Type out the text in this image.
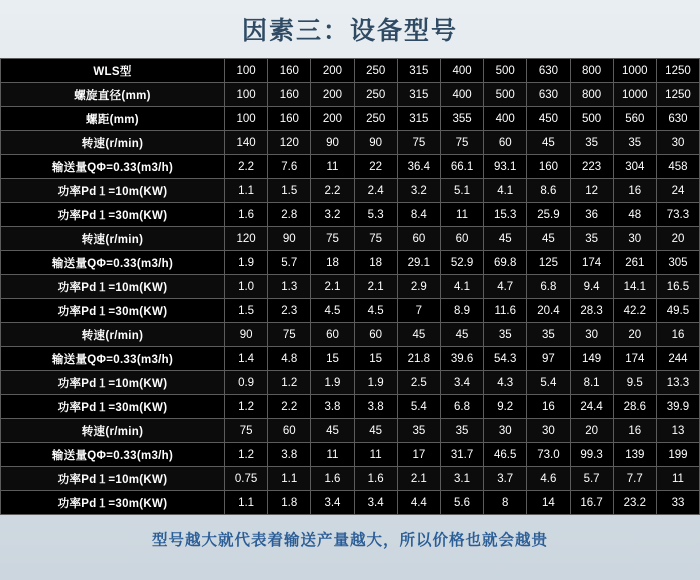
因素三：设备型号
WLS型	100	160	200	250	315	400	500	630	800	1000	1250
螺旋直径(mm)	100	160	200	250	315	400	500	630	800	1000	1250
螺距(mm)	100	160	200	250	315	355	400	450	500	560	630
转速(r/min)	140	120	90	90	75	75	60	45	35	35	30
输送量QΦ=0.33(m3/h)	2.2	7.6	11	22	36.4	66.1	93.1	160	223	304	458
功率Pd１=10m(KW)	1.1	1.5	2.2	2.4	3.2	5.1	4.1	8.6	12	16	24
功率Pd１=30m(KW)	1.6	2.8	3.2	5.3	8.4	11	15.3	25.9	36	48	73.3
转速(r/min)	120	90	75	75	60	60	45	45	35	30	20
输送量QΦ=0.33(m3/h)	1.9	5.7	18	18	29.1	52.9	69.8	125	174	261	305
功率Pd１=10m(KW)	1.0	1.3	2.1	2.1	2.9	4.1	4.7	6.8	9.4	14.1	16.5
功率Pd１=30m(KW)	1.5	2.3	4.5	4.5	7	8.9	11.6	20.4	28.3	42.2	49.5
转速(r/min)	90	75	60	60	45	45	35	35	30	20	16
输送量QΦ=0.33(m3/h)	1.4	4.8	15	15	21.8	39.6	54.3	97	149	174	244
功率Pd１=10m(KW)	0.9	1.2	1.9	1.9	2.5	3.4	4.3	5.4	8.1	9.5	13.3
功率Pd１=30m(KW)	1.2	2.2	3.8	3.8	5.4	6.8	9.2	16	24.4	28.6	39.9
转速(r/min)	75	60	45	45	35	35	30	30	20	16	13
输送量QΦ=0.33(m3/h)	1.2	3.8	11	11	17	31.7	46.5	73.0	99.3	139	199
功率Pd１=10m(KW)	0.75	1.1	1.6	1.6	2.1	3.1	3.7	4.6	5.7	7.7	11
功率Pd１=30m(KW)	1.1	1.8	3.4	3.4	4.4	5.6	8	14	16.7	23.2	33
型号越大就代表着输送产量越大，所以价格也就会越贵
